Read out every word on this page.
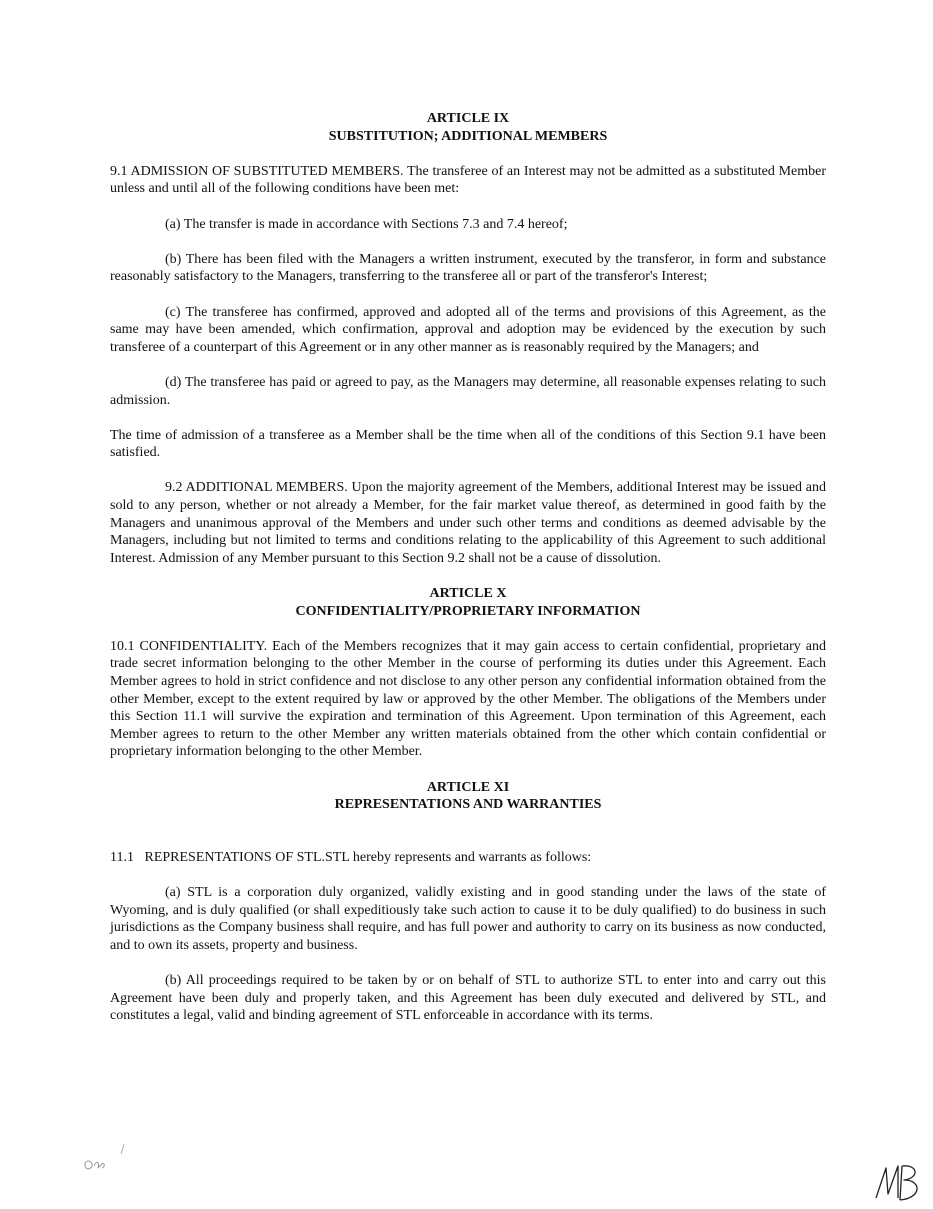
ARTICLE IX
SUBSTITUTION; ADDITIONAL MEMBERS

9.1 ADMISSION OF SUBSTITUTED MEMBERS. The transferee of an Interest may not be admitted as a substituted Member unless and until all of the following conditions have been met:

(a) The transfer is made in accordance with Sections 7.3 and 7.4 hereof;

(b) There has been filed with the Managers a written instrument, executed by the transferor, in form and substance reasonably satisfactory to the Managers, transferring to the transferee all or part of the transferor's Interest;

(c) The transferee has confirmed, approved and adopted all of the terms and provisions of this Agreement, as the same may have been amended, which confirmation, approval and adoption may be evidenced by the execution by such transferee of a counterpart of this Agreement or in any other manner as is reasonably required by the Managers; and

(d) The transferee has paid or agreed to pay, as the Managers may determine, all reasonable expenses relating to such admission.

The time of admission of a transferee as a Member shall be the time when all of the conditions of this Section 9.1 have been satisfied.

9.2 ADDITIONAL MEMBERS. Upon the majority agreement of the Members, additional Interest may be issued and sold to any person, whether or not already a Member, for the fair market value thereof, as determined in good faith by the Managers and unanimous approval of the Members and under such other terms and conditions as deemed advisable by the Managers, including but not limited to terms and conditions relating to the applicability of this Agreement to such additional Interest. Admission of any Member pursuant to this Section 9.2 shall not be a cause of dissolution.

ARTICLE X
CONFIDENTIALITY/PROPRIETARY INFORMATION

10.1 CONFIDENTIALITY. Each of the Members recognizes that it may gain access to certain confidential, proprietary and trade secret information belonging to the other Member in the course of performing its duties under this Agreement. Each Member agrees to hold in strict confidence and not disclose to any other person any confidential information obtained from the other Member, except to the extent required by law or approved by the other Member. The obligations of the Members under this Section 11.1 will survive the expiration and termination of this Agreement. Upon termination of this Agreement, each Member agrees to return to the other Member any written materials obtained from the other which contain confidential or proprietary information belonging to the other Member.

ARTICLE XI
REPRESENTATIONS AND WARRANTIES

11.1   REPRESENTATIONS OF STL.STL hereby represents and warrants as follows:

(a) STL is a corporation duly organized, validly existing and in good standing under the laws of the state of Wyoming, and is duly qualified (or shall expeditiously take such action to cause it to be duly qualified) to do business in such jurisdictions as the Company business shall require, and has full power and authority to carry on its business as now conducted, and to own its assets, property and business.

(b) All proceedings required to be taken by or on behalf of STL to authorize STL to enter into and carry out this Agreement have been duly and properly taken, and this Agreement has been duly executed and delivered by STL, and constitutes a legal, valid and binding agreement of STL enforceable in accordance with its terms.
